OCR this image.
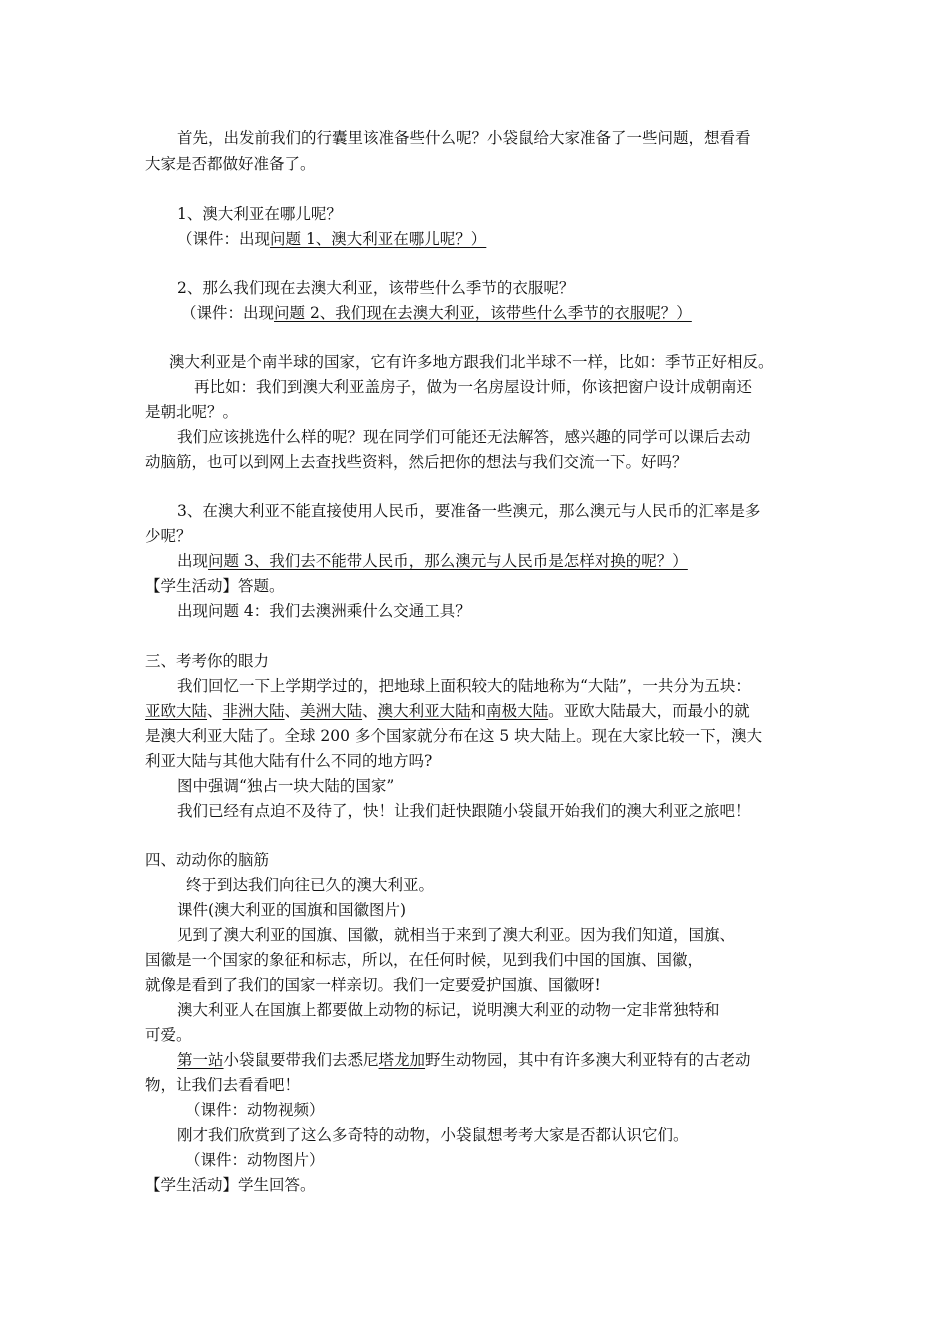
首先，出发前我们的行囊里该准备些什么呢？小袋鼠给大家准备了一些问题，想看看
大家是否都做好准备了。
1、澳大利亚在哪儿呢？
（课件：出现问题 1、澳大利亚在哪儿呢？）
2、那么我们现在去澳大利亚，该带些什么季节的衣服呢？
（课件：出现问题 2、我们现在去澳大利亚，该带些什么季节的衣服呢？）
澳大利亚是个南半球的国家，它有许多地方跟我们北半球不一样，比如：季节正好相反。
再比如：我们到澳大利亚盖房子，做为一名房屋设计师，你该把窗户设计成朝南还
是朝北呢？。
我们应该挑选什么样的呢？现在同学们可能还无法解答，感兴趣的同学可以课后去动
动脑筋，也可以到网上去查找些资料，然后把你的想法与我们交流一下。好吗？
3、在澳大利亚不能直接使用人民币，要准备一些澳元，那么澳元与人民币的汇率是多
少呢？
出现问题 3、我们去不能带人民币，那么澳元与人民币是怎样对换的呢？）
【学生活动】答题。
出现问题 4：我们去澳洲乘什么交通工具？
三、考考你的眼力
我们回忆一下上学期学过的，把地球上面积较大的陆地称为“大陆”，一共分为五块：
亚欧大陆、非洲大陆、美洲大陆、澳大利亚大陆和南极大陆。亚欧大陆最大，而最小的就
是澳大利亚大陆了。全球 200 多个国家就分布在这 5 块大陆上。现在大家比较一下，澳大
利亚大陆与其他大陆有什么不同的地方吗?
图中强调“独占一块大陆的国家”
我们已经有点迫不及待了，快！让我们赶快跟随小袋鼠开始我们的澳大利亚之旅吧！
四、动动你的脑筋
终于到达我们向往已久的澳大利亚。
课件(澳大利亚的国旗和国徽图片)
见到了澳大利亚的国旗、国徽，就相当于来到了澳大利亚。因为我们知道，国旗、
国徽是一个国家的象征和标志，所以，在任何时候，见到我们中国的国旗、国徽，
就像是看到了我们的国家一样亲切。我们一定要爱护国旗、国徽呀!
澳大利亚人在国旗上都要做上动物的标记，说明澳大利亚的动物一定非常独特和
可爱。
第一站小袋鼠要带我们去悉尼塔龙加野生动物园，其中有许多澳大利亚特有的古老动
物，让我们去看看吧！
（课件：动物视频）
刚才我们欣赏到了这么多奇特的动物，小袋鼠想考考大家是否都认识它们。
（课件：动物图片）
【学生活动】学生回答。
